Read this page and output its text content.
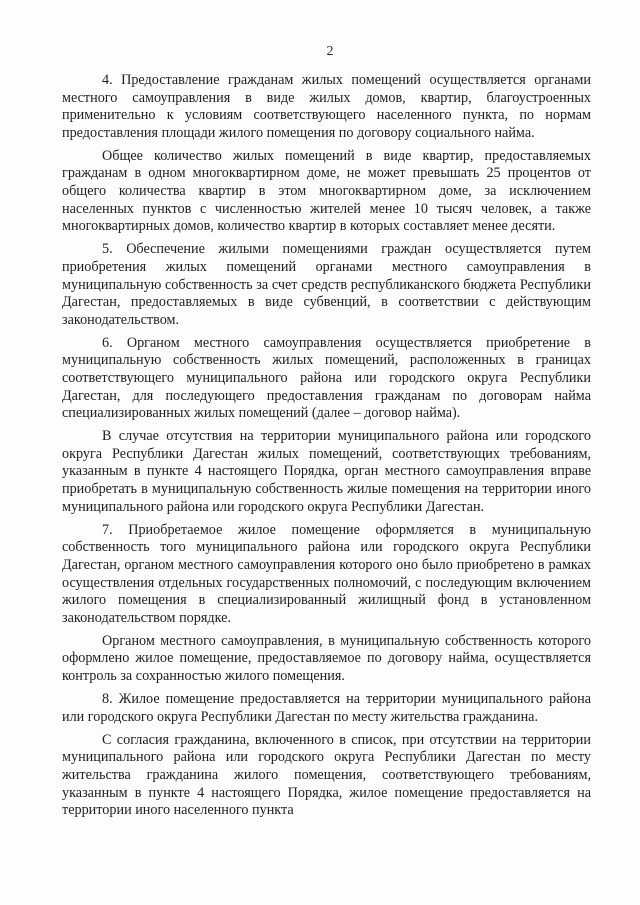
2

4. Предоставление гражданам жилых помещений осуществляется органами местного самоуправления в виде жилых домов, квартир, благоустроенных применительно к условиям соответствующего населенного пункта, по нормам предоставления площади жилого помещения по договору социального найма.

Общее количество жилых помещений в виде квартир, предоставляемых гражданам в одном многоквартирном доме, не может превышать 25 процентов от общего количества квартир в этом многоквартирном доме, за исключением населенных пунктов с численностью жителей менее 10 тысяч человек, а также многоквартирных домов, количество квартир в которых составляет менее десяти.

5. Обеспечение жилыми помещениями граждан осуществляется путем приобретения жилых помещений органами местного самоуправления в муниципальную собственность за счет средств республиканского бюджета Республики Дагестан, предоставляемых в виде субвенций, в соответствии с действующим законодательством.

6. Органом местного самоуправления осуществляется приобретение в муниципальную собственность жилых помещений, расположенных в границах соответствующего муниципального района или городского округа Республики Дагестан, для последующего предоставления гражданам по договорам найма специализированных жилых помещений (далее – договор найма).

В случае отсутствия на территории муниципального района или городского округа Республики Дагестан жилых помещений, соответствующих требованиям, указанным в пункте 4 настоящего Порядка, орган местного самоуправления вправе приобретать в муниципальную собственность жилые помещения на территории иного муниципального района или городского округа Республики Дагестан.

7. Приобретаемое жилое помещение оформляется в муниципальную собственность того муниципального района или городского округа Республики Дагестан, органом местного самоуправления которого оно было приобретено в рамках осуществления отдельных государственных полномочий, с последующим включением жилого помещения в специализированный жилищный фонд в установленном законодательством порядке.

Органом местного самоуправления, в муниципальную собственность которого оформлено жилое помещение, предоставляемое по договору найма, осуществляется контроль за сохранностью жилого помещения.

8. Жилое помещение предоставляется на территории муниципального района или городского округа Республики Дагестан по месту жительства гражданина.

С согласия гражданина, включенного в список, при отсутствии на территории муниципального района или городского округа Республики Дагестан по месту жительства гражданина жилого помещения, соответствующего требованиям, указанным в пункте 4 настоящего Порядка, жилое помещение предоставляется на территории иного населенного пункта
